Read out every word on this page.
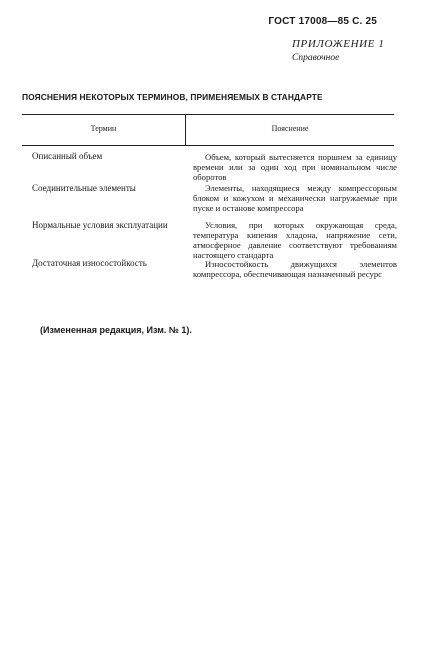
ГОСТ 17008—85 С. 25
ПРИЛОЖЕНИЕ 1
Справочное
ПОЯСНЕНИЯ НЕКОТОРЫХ ТЕРМИНОВ, ПРИМЕНЯЕМЫХ В СТАНДАРТЕ
Термин	Пояснение
Описанный объем	Объем, который вытесняется поршнем за единицу времени или за один ход при номинальном числе оборотов
Соединительные элементы	Элементы, находящиеся между компрессорным блоком и кожухом и механически нагружаемые при пуске и останове компрессора
Нормальные условия эксплуатации	Условия, при которых окружающая среда, температура кипения хладона, напряжение сети, атмосферное давление соответствуют требованиям настоящего стандарта
Достаточная износостойкость	Износостойкость движущихся элементов компрессора, обеспечивающая назначенный ресурс
(Измененная редакция, Изм. № 1).
